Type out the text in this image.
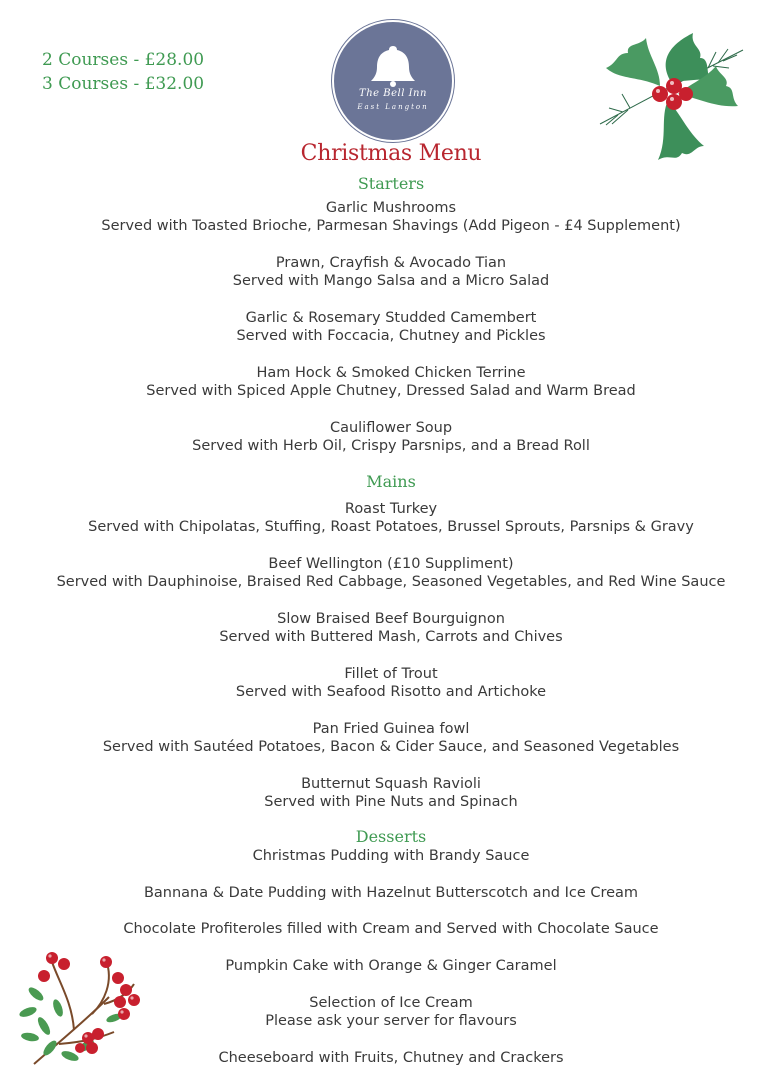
2 Courses - £28.00
3 Courses - £32.00	The Bell Inn
East Langton
Christmas Menu
Starters
Garlic Mushrooms
Served with Toasted Brioche, Parmesan Shavings (Add Pigeon - £4 Supplement)
Prawn, Crayfish & Avocado Tian
Served with Mango Salsa and a Micro Salad
Garlic & Rosemary Studded Camembert
Served with Foccacia, Chutney and Pickles
Ham Hock & Smoked Chicken Terrine
Served with Spiced Apple Chutney, Dressed Salad and Warm Bread
Cauliflower Soup
Served with Herb Oil, Crispy Parsnips, and a Bread Roll
Mains
Roast Turkey
Served with Chipolatas, Stuffing, Roast Potatoes, Brussel Sprouts, Parsnips & Gravy
Beef Wellington (£10 Suppliment)
Served with Dauphinoise, Braised Red Cabbage, Seasoned Vegetables, and Red Wine Sauce
Slow Braised Beef Bourguignon
Served with Buttered Mash, Carrots and Chives
Fillet of Trout
Served with Seafood Risotto and Artichoke
Pan Fried Guinea fowl
Served with Sautéed Potatoes, Bacon & Cider Sauce, and Seasoned Vegetables
Butternut Squash Ravioli
Served with Pine Nuts and Spinach
Desserts
Christmas Pudding with Brandy Sauce
Bannana & Date Pudding with Hazelnut Butterscotch and Ice Cream
Chocolate Profiteroles filled with Cream and Served with Chocolate Sauce
Pumpkin Cake with Orange & Ginger Caramel
Selection of Ice Cream
Please ask your server for flavours
Cheeseboard with Fruits, Chutney and Crackers
